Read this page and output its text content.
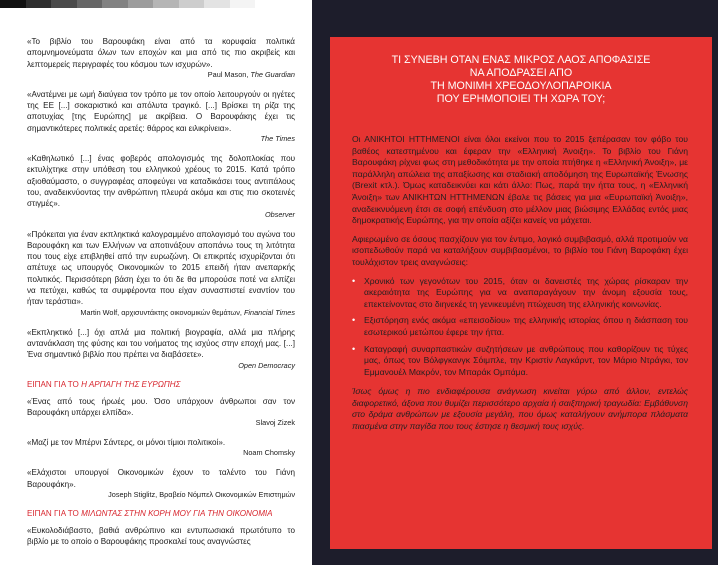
«Το βιβλίο του Βαρουφάκη είναι από τα κορυφαία πολιτικά απομνημονεύματα όλων των εποχών και μια από τις πιο ακριβείς και λεπτομερείς περιγραφές του κόσμου των ισχυρών».
Paul Mason, The Guardian
«Ανατέμνει με ωμή διαύγεια τον τρόπο με τον οποίο λειτουργούν οι ηγέτες της ΕΕ [...] σοκαριστικό και απόλυτα τραγικό. [...] Βρίσκει τη ρίζα της αποτυχίας [της Ευρώπης] με ακρίβεια. Ο Βαρουφάκης έχει τις σημαντικότερες πολιτικές αρετές: θάρρος και ειλικρίνεια».
The Times
«Καθηλωτικό [...] ένας φοβερός απολογισμός της δολοπλοκίας που εκτυλίχτηκε στην υπόθεση του ελληνικού χρέους το 2015. Κατά τρόπο αξιοθαύμαστο, ο συγγραφέας αποφεύγει να καταδικάσει τους αντιπάλους του, αναδεικνύοντας την ανθρώπινη πλευρά ακόμα και στις πιο σκοτεινές στιγμές».
Observer
«Πρόκειται για έναν εκπληκτικά καλογραμμένο απολογισμό του αγώνα του Βαρουφάκη και των Ελλήνων να αποτινάξουν αποπάνω τους τη λιτότητα που τους είχε επιβληθεί από την ευρωζώνη. Οι επικριτές ισχυρίζονται ότι απέτυχε ως υπουργός Οικονομικών το 2015 επειδή ήταν ανεπαρκής πολιτικός. Περισσότερη βάση έχει το ότι δε θα μπορούσε ποτέ να ελπίζει να πετύχει, καθώς τα συμφέροντα που είχαν συνασπιστεί εναντίον του ήταν τεράστια».
Martin Wolf, αρχισυντάκτης οικονομικών θεμάτων, Financial Times
«Εκπληκτικό [...] όχι απλά μια πολιτική βιογραφία, αλλά μια πλήρης αντανάκλαση της φύσης και του νοήματος της ισχύος στην εποχή μας. [...] Ένα σημαντικό βιβλίο που πρέπει να διαβάσετε».
Open Democracy
ΕΙΠΑΝ ΓΙΑ ΤΟ Η ΑΡΠΑΓΗ ΤΗΣ ΕΥΡΩΠΗΣ
«Ένας από τους ήρωές μου. Όσο υπάρχουν άνθρωποι σαν τον Βαρουφάκη υπάρχει ελπίδα».
Slavoj Zizek
«Μαζί με τον Μπέρνι Σάντερς, οι μόνοι τίμιοι πολιτικοί».
Noam Chomsky
«Ελάχιστοι υπουργοί Οικονομικών έχουν το ταλέντο του Γιάνη Βαρουφάκη».
Joseph Stiglitz, Βραβείο Νόμπελ Οικονομικών Επιστημών
ΕΙΠΑΝ ΓΙΑ ΤΟ ΜΙΛΩΝΤΑΣ ΣΤΗΝ ΚΟΡΗ ΜΟΥ ΓΙΑ ΤΗΝ ΟΙΚΟΝΟΜΙΑ
«Ευκολοδιάβαστο, βαθιά ανθρώπινο και εντυπωσιακά πρωτότυπο το βιβλίο με το οποίο ο Βαρουφάκης προσκαλεί τους αναγνώστες
ΤΙ ΣΥΝΕΒΗ ΟΤΑΝ ΕΝΑΣ ΜΙΚΡΟΣ ΛΑΟΣ ΑΠΟΦΑΣΙΣΕ
ΝΑ ΑΠΟΔΡΑΣΕΙ ΑΠΟ
ΤΗ ΜΟΝΙΜΗ ΧΡΕΟΔΟΥΛΟΠΑΡΟΙΚΙΑ
ΠΟΥ ΕΡΗΜΟΠΟΙΕΙ ΤΗ ΧΩΡΑ ΤΟΥ;

Οι ΑΝΙΚΗΤΟΙ ΗΤΤΗΜΕΝΟΙ είναι όλοι εκείνοι που το 2015 ξεπέρασαν τον φόβο του βαθέος κατεστημένου και έφεραν την «Ελληνική Άνοιξη». Το βιβλίο του Γιάνη Βαρουφάκη ρίχνει φως στη μεθοδικότητα με την οποία πτήθηκε η «Ελληνική Άνοιξη», με παράλληλη απώλεια της απαξίωσης και σταδιακή αποδόμηση της Ευρωπαϊκής Ένωσης (Brexit κτλ.). Όμως καταδεικνύει και κάτι άλλο: Πως, παρά την ήττα τους, η «Ελληνική Άνοιξη» των ΑΝΙΚΗΤΩΝ ΗΤΤΗΜΕΝΩΝ έβαλε τις βάσεις για μια «Ευρωπαϊκή Άνοιξη», αναδεικνυόμενη έτσι σε σοφή επένδυση στο μέλλον μιας βιώσιμης Ελλάδας εντός μιας δημοκρατικής Ευρώπης, για την οποία αξίζει κανείς να μάχεται.

Αφιερωμένο σε όσους πασχίζουν για τον έντιμο, λογικό συμβιβασμό, αλλά προτιμούν να ισοπεδωθούν παρά να καταλήξουν συμβιβασμένοι, το βιβλίο του Γιάνη Βαροφάκη έχει τουλάχιστον τρεις αναγνώσεις:

• Χρονικό των γεγονότων του 2015, όταν οι δανειστές της χώρας ρίσκαραν την ακεραιότητα της Ευρώπης για να αναπαραγάγουν την άνομη εξουσία τους, επεκτείνοντας στο διηνεκές τη γενικευμένη πτώχευση της ελληνικής κοινωνίας.
• Εξιστόρηση ενός ακόμα «επεισοδίου» της ελληνικής ιστορίας όπου η διάσπαση του εσωτερικού μετώπου έφερε την ήττα.
• Καταγραφή συναρπαστικών συζητήσεων με ανθρώπους που καθορίζουν τις τύχες μας, όπως τον Βόλφγκανγκ Σόιμπλε, την Κριστίν Λαγκάρντ, τον Μάριο Ντράγκι, τον Εμμανουέλ Μακρόν, τον Μπαράκ Ομπάμα.

Ίσως όμως η πιο ενδιαφέρουσα ανάγνωση κινείται γύρω από άλλον, εντελώς διαφορετικό, άξονα που θυμίζει περισσότερο αρχαία ή σαιξπηρική τραγωδία: Εμβάθυνση στο δράμα ανθρώπων με εξουσία μεγάλη, που όμως καταλήγουν ανήμπορα πλάσματα πιασμένα στην παγίδα που τους έστησε η θεσμική τους ισχύς.
